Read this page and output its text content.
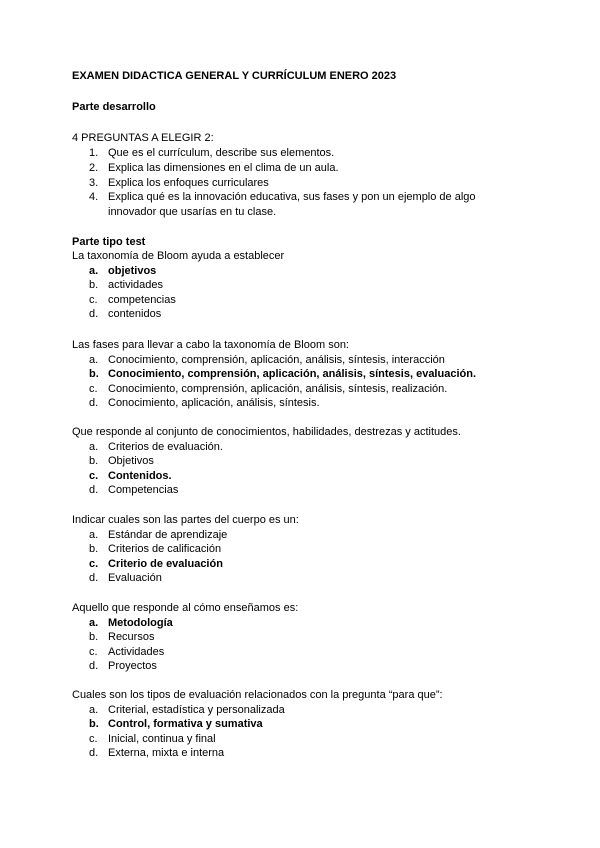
EXAMEN DIDACTICA GENERAL Y CURRÍCULUM ENERO 2023
Parte desarrollo
4 PREGUNTAS A ELEGIR 2:
1. Que es el currículum, describe sus elementos.
2. Explica las dimensiones en el clima de un aula.
3. Explica los enfoques curriculares
4. Explica qué es la innovación educativa, sus fases y pon un ejemplo de algo
innovador que usarías en tu clase.
Parte tipo test
La taxonomía de Bloom ayuda a establecer
a. objetivos
b. actividades
c. competencias
d. contenidos
Las fases para llevar a cabo la taxonomía de Bloom son:
a. Conocimiento, comprensión, aplicación, análisis, síntesis, interacción
b. Conocimiento, comprensión, aplicación, análisis, síntesis, evaluación.
c. Conocimiento, comprensión, aplicación, análisis, síntesis, realización.
d. Conocimiento, aplicación, análisis, síntesis.
Que responde al conjunto de conocimientos, habilidades, destrezas y actitudes.
a. Criterios de evaluación.
b. Objetivos
c. Contenidos.
d. Competencias
Indicar cuales son las partes del cuerpo es un:
a. Estándar de aprendizaje
b. Criterios de calificación
c. Criterio de evaluación
d. Evaluación
Aquello que responde al cómo enseñamos es:
a. Metodología
b. Recursos
c. Actividades
d. Proyectos
Cuales son los tipos de evaluación relacionados con la pregunta “para que”:
a. Criterial, estadística y personalizada
b. Control, formativa y sumativa
c. Inicial, continua y final
d. Externa, mixta e interna
